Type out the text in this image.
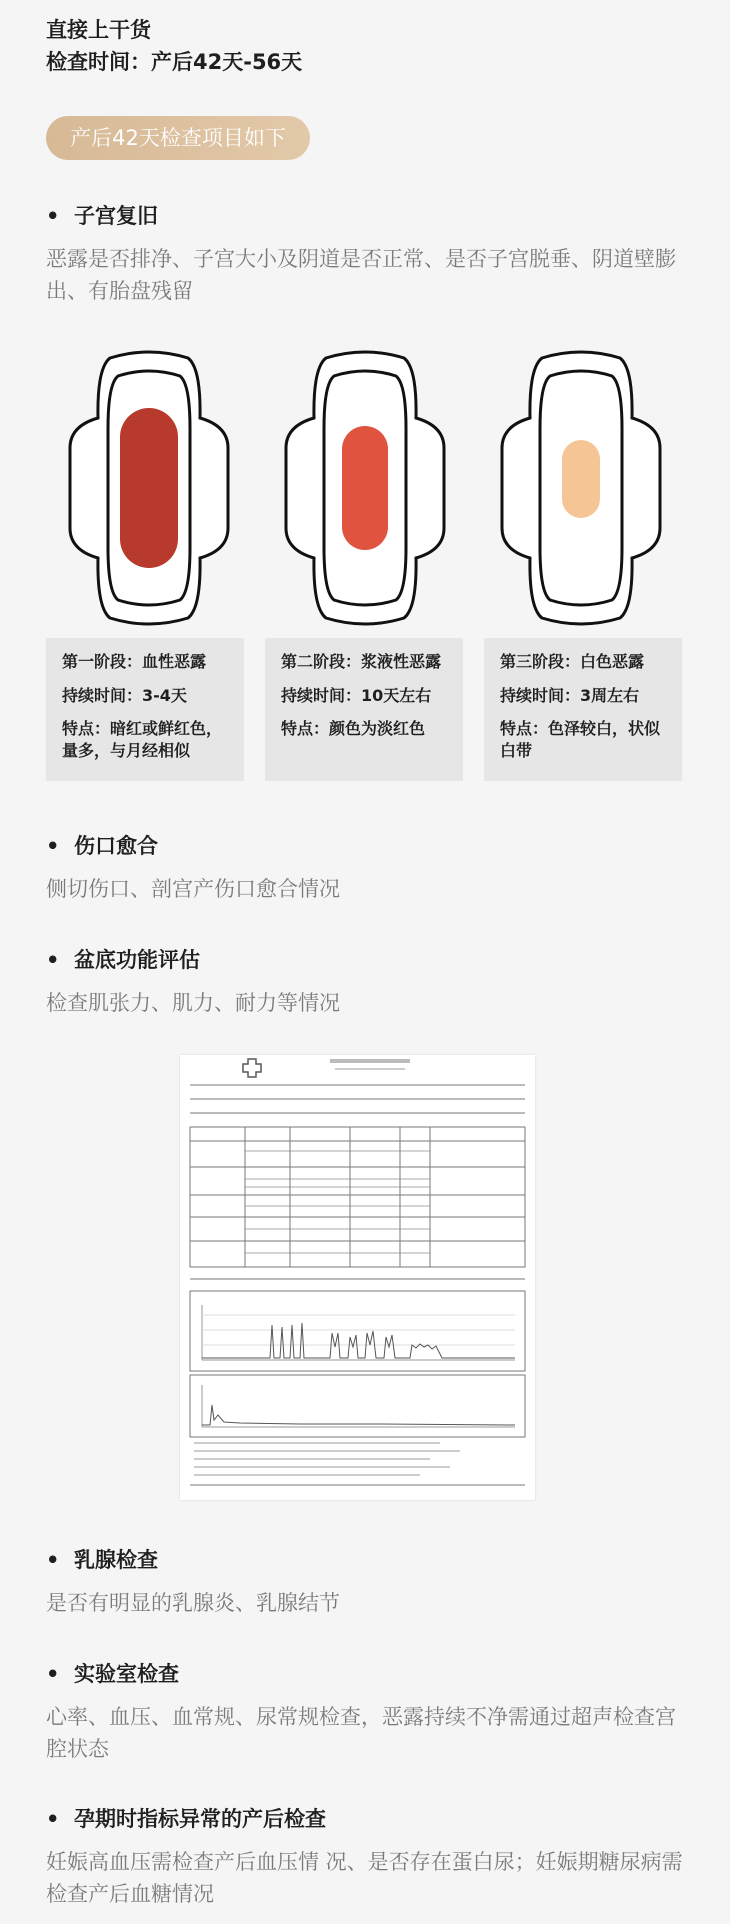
直接上干货
检查时间：产后42天-56天
产后42天检查项目如下
• 子宫复旧
恶露是否排净、子宫大小及阴道是否正常、是否子宫脱垂、阴道壁膨出、有胎盘残留

第一阶段：血性恶露

持续时间：3-4天

特点：暗红或鲜红色，量多，与月经相似

第二阶段：浆液性恶露

持续时间：10天左右

特点：颜色为淡红色

第三阶段：白色恶露

持续时间：3周左右

特点：色泽较白，状似白带

• 伤口愈合
侧切伤口、剖宫产伤口愈合情况
• 盆底功能评估
检查肌张力、肌力、耐力等情况
• 乳腺检查
是否有明显的乳腺炎、乳腺结节
• 实验室检查
心率、血压、血常规、尿常规检查，恶露持续不净需通过超声检查宫腔状态
• 孕期时指标异常的产后检查
妊娠高血压需检查产后血压情 况、是否存在蛋白尿；妊娠期糖尿病需检查产后血糖情况
